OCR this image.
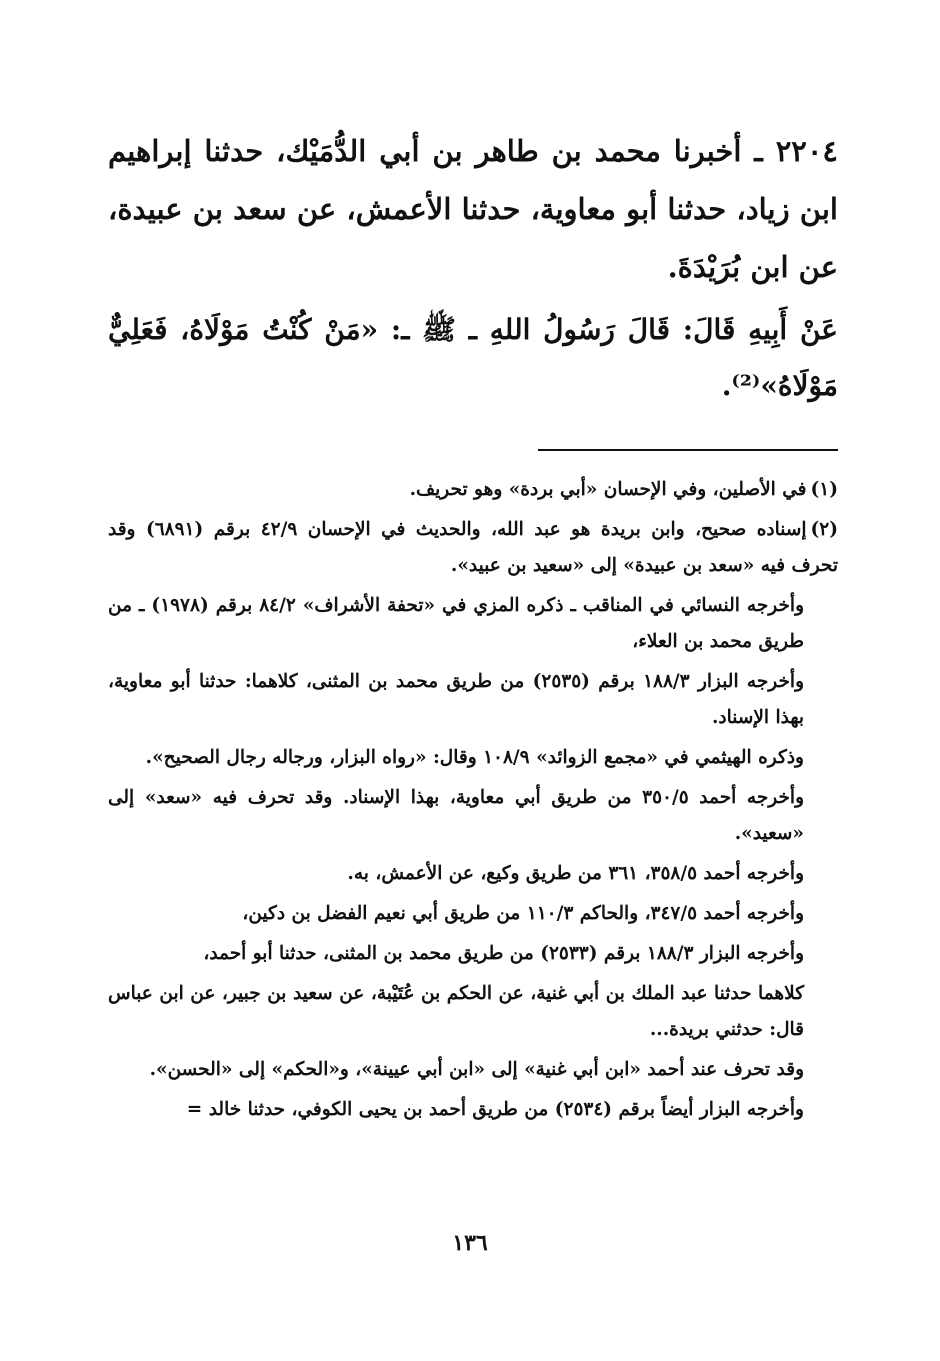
٢٢٠٤ ـ أخبرنا محمد بن طاهر بن أبي الدُّمَيْك، حدثنا إبراهيم ابن زياد، حدثنا أبو معاوية، حدثنا الأعمش، عن سعد بن عبيدة، عن ابن بُرَيْدَةَ.

عَنْ أَبِيهِ قَالَ: قَالَ رَسُولُ اللهِ ـ ﷺ ـ: «مَنْ كُنْتُ مَوْلَاهُ، فَعَلِيٌّ مَوْلَاهُ»⁽²⁾.

(١)في الأصلين، وفي الإحسان «أبي بردة» وهو تحريف.

(٢)إسناده صحيح، وابن بريدة هو عبد الله، والحديث في الإحسان ٤٢/٩ برقم (٦٨٩١) وقد تحرف فيه «سعد بن عبيدة» إلى «سعيد بن عبيد».

وأخرجه النسائي في المناقب ـ ذكره المزي في «تحفة الأشراف» ٨٤/٢ برقم (١٩٧٨) ـ من طريق محمد بن العلاء،

وأخرجه البزار ١٨٨/٣ برقم (٢٥٣٥) من طريق محمد بن المثنى، كلاهما: حدثنا أبو معاوية، بهذا الإسناد.

وذكره الهيثمي في «مجمع الزوائد» ١٠٨/٩ وقال: «رواه البزار، ورجاله رجال الصحيح».

وأخرجه أحمد ٣٥٠/٥ من طريق أبي معاوية، بهذا الإسناد. وقد تحرف فيه «سعد» إلى «سعيد».

وأخرجه أحمد ٣٥٨/٥، ٣٦١ من طريق وكيع، عن الأعمش، به.

وأخرجه أحمد ٣٤٧/٥، والحاكم ١١٠/٣ من طريق أبي نعيم الفضل بن دكين،

وأخرجه البزار ١٨٨/٣ برقم (٢٥٣٣) من طريق محمد بن المثنى، حدثنا أبو أحمد،

كلاهما حدثنا عبد الملك بن أبي غنية، عن الحكم بن عُتَيْبة، عن سعيد بن جبير، عن ابن عباس قال: حدثني بريدة...

وقد تحرف عند أحمد «ابن أبي غنية» إلى «ابن أبي عيينة»، و«الحكم» إلى «الحسن».

وأخرجه البزار أيضاً برقم (٢٥٣٤) من طريق أحمد بن يحيى الكوفي، حدثنا خالد =

١٣٦
